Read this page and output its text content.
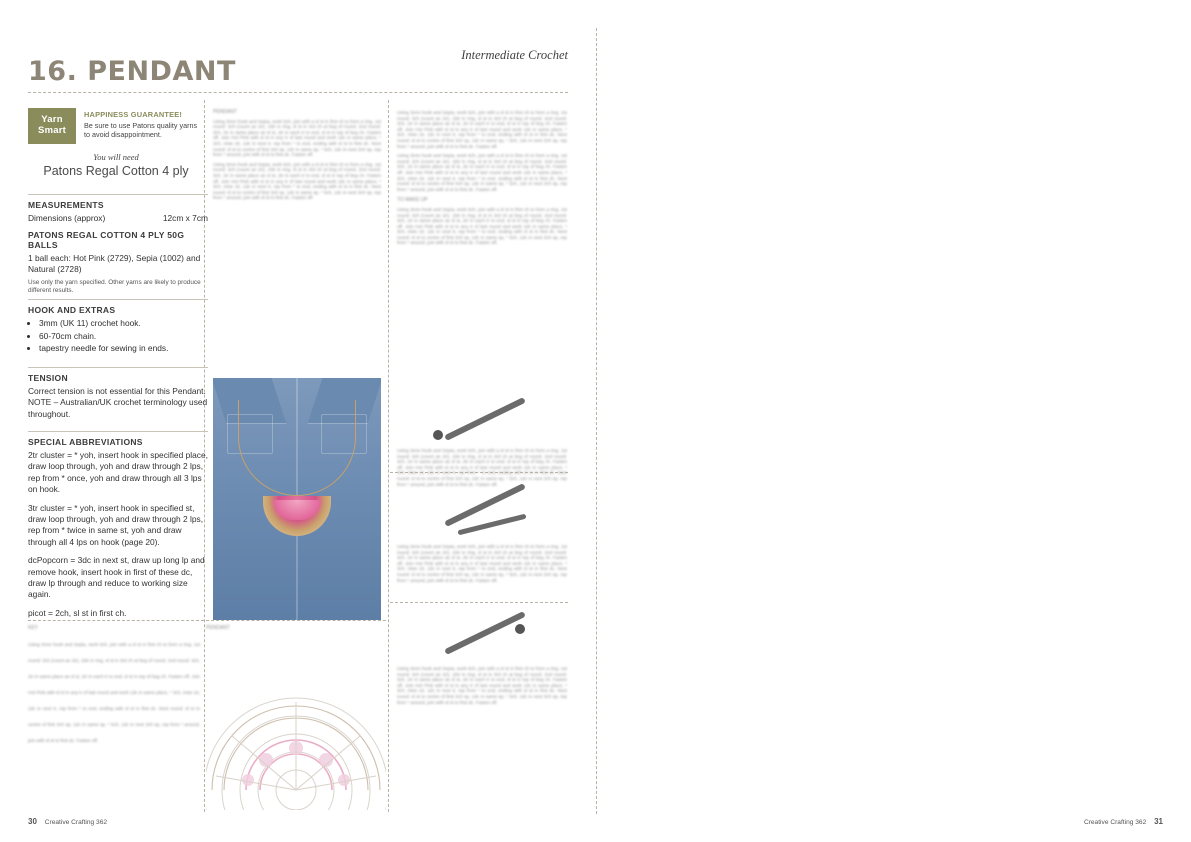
16. PENDANT
Intermediate Crochet
Yarn
Smart
HAPPINESS GUARANTEE!
Be sure to use Patons quality yarns to avoid disappointment.
You will need
Patons Regal Cotton 4 ply
MEASUREMENTS
Dimensions (approx)	12cm x 7cm
PATONS REGAL COTTON 4 PLY 50G BALLS
1 ball each: Hot Pink (2729), Sepia (1002) and Natural (2728)
Use only the yarn specified. Other yarns are likely to produce different results.
HOOK AND EXTRAS
• 3mm (UK 11) crochet hook.
• 60-70cm chain.
• tapestry needle for sewing in ends.
TENSION
Correct tension is not essential for this Pendant. NOTE – Australian/UK crochet terminology used throughout.
SPECIAL ABBREVIATIONS

2tr cluster = * yoh, insert hook in specified place, draw loop through, yoh and draw through 2 lps, rep from * once, yoh and draw through all 3 lps on hook.

3tr cluster = * yoh, insert hook in specified st, draw loop through, yoh and draw through 2 lps, rep from * twice in same st, yoh and draw through all 4 lps on hook (page 20).

dcPopcorn = 3dc in next st, draw up long lp and remove hook, insert hook in first of these dc, draw lp through and reduce to working size again.

picot = 2ch, sl st in first ch.

PENDANT
Using 3mm hook and Sepia, work 6ch, join with a sl st in first ch to form a ring. 1st round: 3ch (count as 1tr), 15tr in ring, sl st in 3rd ch at beg of round. 2nd round: 3ch, 1tr in same place as sl st, 2tr in each tr to end, sl st in top of beg ch. Fasten off. Join Hot Pink with sl st in any tr of last round and work 1dc in same place, * 3ch, miss 1tr, 1dc in next tr, rep from * to end, ending with sl st in first dc. Next round: sl st to centre of first 3ch sp, 1dc in same sp, * 5ch, 1dc in next 3ch sp, rep from * around, join with sl st to first dc. Fasten off.
Using 3mm hook and Sepia, work 6ch, join with a sl st in first ch to form a ring. 1st round: 3ch (count as 1tr), 15tr in ring, sl st in 3rd ch at beg of round. 2nd round: 3ch, 1tr in same place as sl st, 2tr in each tr to end, sl st in top of beg ch. Fasten off. Join Hot Pink with sl st in any tr of last round and work 1dc in same place, * 3ch, miss 1tr, 1dc in next tr, rep from * to end, ending with sl st in first dc. Next round: sl st to centre of first 3ch sp, 1dc in same sp, * 5ch, 1dc in next 3ch sp, rep from * around, join with sl st to first dc. Fasten off.
Using 3mm hook and Sepia, work 6ch, join with a sl st in first ch to form a ring. 1st round: 3ch (count as 1tr), 15tr in ring, sl st in 3rd ch at beg of round. 2nd round: 3ch, 1tr in same place as sl st, 2tr in each tr to end, sl st in top of beg ch. Fasten off. Join Hot Pink with sl st in any tr of last round and work 1dc in same place, * 3ch, miss 1tr, 1dc in next tr, rep from * to end, ending with sl st in first dc. Next round: sl st to centre of first 3ch sp, 1dc in same sp, * 5ch, 1dc in next 3ch sp, rep from * around, join with sl st to first dc. Fasten off.
Using 3mm hook and Sepia, work 6ch, join with a sl st in first ch to form a ring. 1st round: 3ch (count as 1tr), 15tr in ring, sl st in 3rd ch at beg of round. 2nd round: 3ch, 1tr in same place as sl st, 2tr in each tr to end, sl st in top of beg ch. Fasten off. Join Hot Pink with sl st in any tr of last round and work 1dc in same place, * 3ch, miss 1tr, 1dc in next tr, rep from * to end, ending with sl st in first dc. Next round: sl st to centre of first 3ch sp, 1dc in same sp, * 5ch, 1dc in next 3ch sp, rep from * around, join with sl st to first dc. Fasten off.
TO MAKE UP
Using 3mm hook and Sepia, work 6ch, join with a sl st in first ch to form a ring. 1st round: 3ch (count as 1tr), 15tr in ring, sl st in 3rd ch at beg of round. 2nd round: 3ch, 1tr in same place as sl st, 2tr in each tr to end, sl st in top of beg ch. Fasten off. Join Hot Pink with sl st in any tr of last round and work 1dc in same place, * 3ch, miss 1tr, 1dc in next tr, rep from * to end, ending with sl st in first dc. Next round: sl st to centre of first 3ch sp, 1dc in same sp, * 5ch, 1dc in next 3ch sp, rep from * around, join with sl st to first dc. Fasten off.
Using 3mm hook and Sepia, work 6ch, join with a sl st in first ch to form a ring. 1st round: 3ch (count as 1tr), 15tr in ring, sl st in 3rd ch at beg of round. 2nd round: 3ch, 1tr in same place as sl st, 2tr in each tr to end, sl st in top of beg ch. Fasten off. Join Hot Pink with sl st in any tr of last round and work 1dc in same place, * 3ch, miss 1tr, 1dc in next tr, rep from * to end, ending with sl st in first dc. Next round: sl st to centre of first 3ch sp, 1dc in same sp, * 5ch, 1dc in next 3ch sp, rep from * around, join with sl st to first dc. Fasten off.
Using 3mm hook and Sepia, work 6ch, join with a sl st in first ch to form a ring. 1st round: 3ch (count as 1tr), 15tr in ring, sl st in 3rd ch at beg of round. 2nd round: 3ch, 1tr in same place as sl st, 2tr in each tr to end, sl st in top of beg ch. Fasten off. Join Hot Pink with sl st in any tr of last round and work 1dc in same place, * 3ch, miss 1tr, 1dc in next tr, rep from * to end, ending with sl st in first dc. Next round: sl st to centre of first 3ch sp, 1dc in same sp, * 5ch, 1dc in next 3ch sp, rep from * around, join with sl st to first dc. Fasten off.
Using 3mm hook and Sepia, work 6ch, join with a sl st in first ch to form a ring. 1st round: 3ch (count as 1tr), 15tr in ring, sl st in 3rd ch at beg of round. 2nd round: 3ch, 1tr in same place as sl st, 2tr in each tr to end, sl st in top of beg ch. Fasten off. Join Hot Pink with sl st in any tr of last round and work 1dc in same place, * 3ch, miss 1tr, 1dc in next tr, rep from * to end, ending with sl st in first dc. Next round: sl st to centre of first 3ch sp, 1dc in same sp, * 5ch, 1dc in next 3ch sp, rep from * around, join with sl st to first dc. Fasten off.
KEY
Using 3mm hook and Sepia, work 6ch, join with a sl st in first ch to form a ring. 1st round: 3ch (count as 1tr), 15tr in ring, sl st in 3rd ch at beg of round. 2nd round: 3ch, 1tr in same place as sl st, 2tr in each tr to end, sl st in top of beg ch. Fasten off. Join Hot Pink with sl st in any tr of last round and work 1dc in same place, * 3ch, miss 1tr, 1dc in next tr, rep from * to end, ending with sl st in first dc. Next round: sl st to centre of first 3ch sp, 1dc in same sp, * 5ch, 1dc in next 3ch sp, rep from * around, join with sl st to first dc. Fasten off.
PENDANT
30 Creative Crafting 362	Creative Crafting 362 31
